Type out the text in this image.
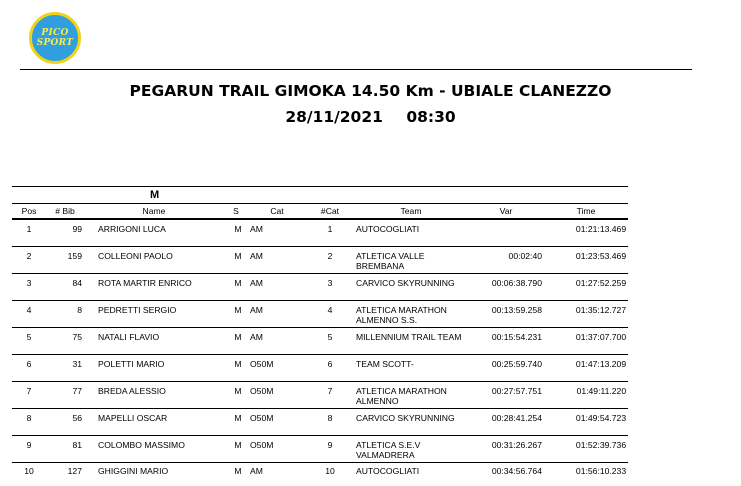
PICO
SPORT
PEGARUN TRAIL GIMOKA 14.50 Km - UBIALE CLANEZZO
28/11/2021 08:30
M								
Pos	# Bib	Name	S	Cat	#Cat	Team	Var	Time
1	99	ARRIGONI LUCA	M	AM	1	AUTOCOGLIATI		01:21:13.469
2	159	COLLEONI PAOLO	M	AM	2	ATLETICA VALLE BREMBANA	00:02:40	01:23:53.469
3	84	ROTA MARTIR ENRICO	M	AM	3	CARVICO SKYRUNNING	00:06:38.790	01:27:52.259
4	8	PEDRETTI SERGIO	M	AM	4	ATLETICA MARATHON ALMENNO S.S.	00:13:59.258	01:35:12.727
5	75	NATALI FLAVIO	M	AM	5	MILLENNIUM TRAIL TEAM	00:15:54.231	01:37:07.700
6	31	POLETTI MARIO	M	O50M	6	TEAM SCOTT-	00:25:59.740	01:47:13.209
7	77	BREDA ALESSIO	M	O50M	7	ATLETICA MARATHON ALMENNO	00:27:57.751	01:49:11.220
8	56	MAPELLI OSCAR	M	O50M	8	CARVICO SKYRUNNING	00:28:41.254	01:49:54.723
9	81	COLOMBO MASSIMO	M	O50M	9	ATLETICA S.E.V VALMADRERA	00:31:26.267	01:52:39.736
10	127	GHIGGINI MARIO	M	AM	10	AUTOCOGLIATI	00:34:56.764	01:56:10.233
